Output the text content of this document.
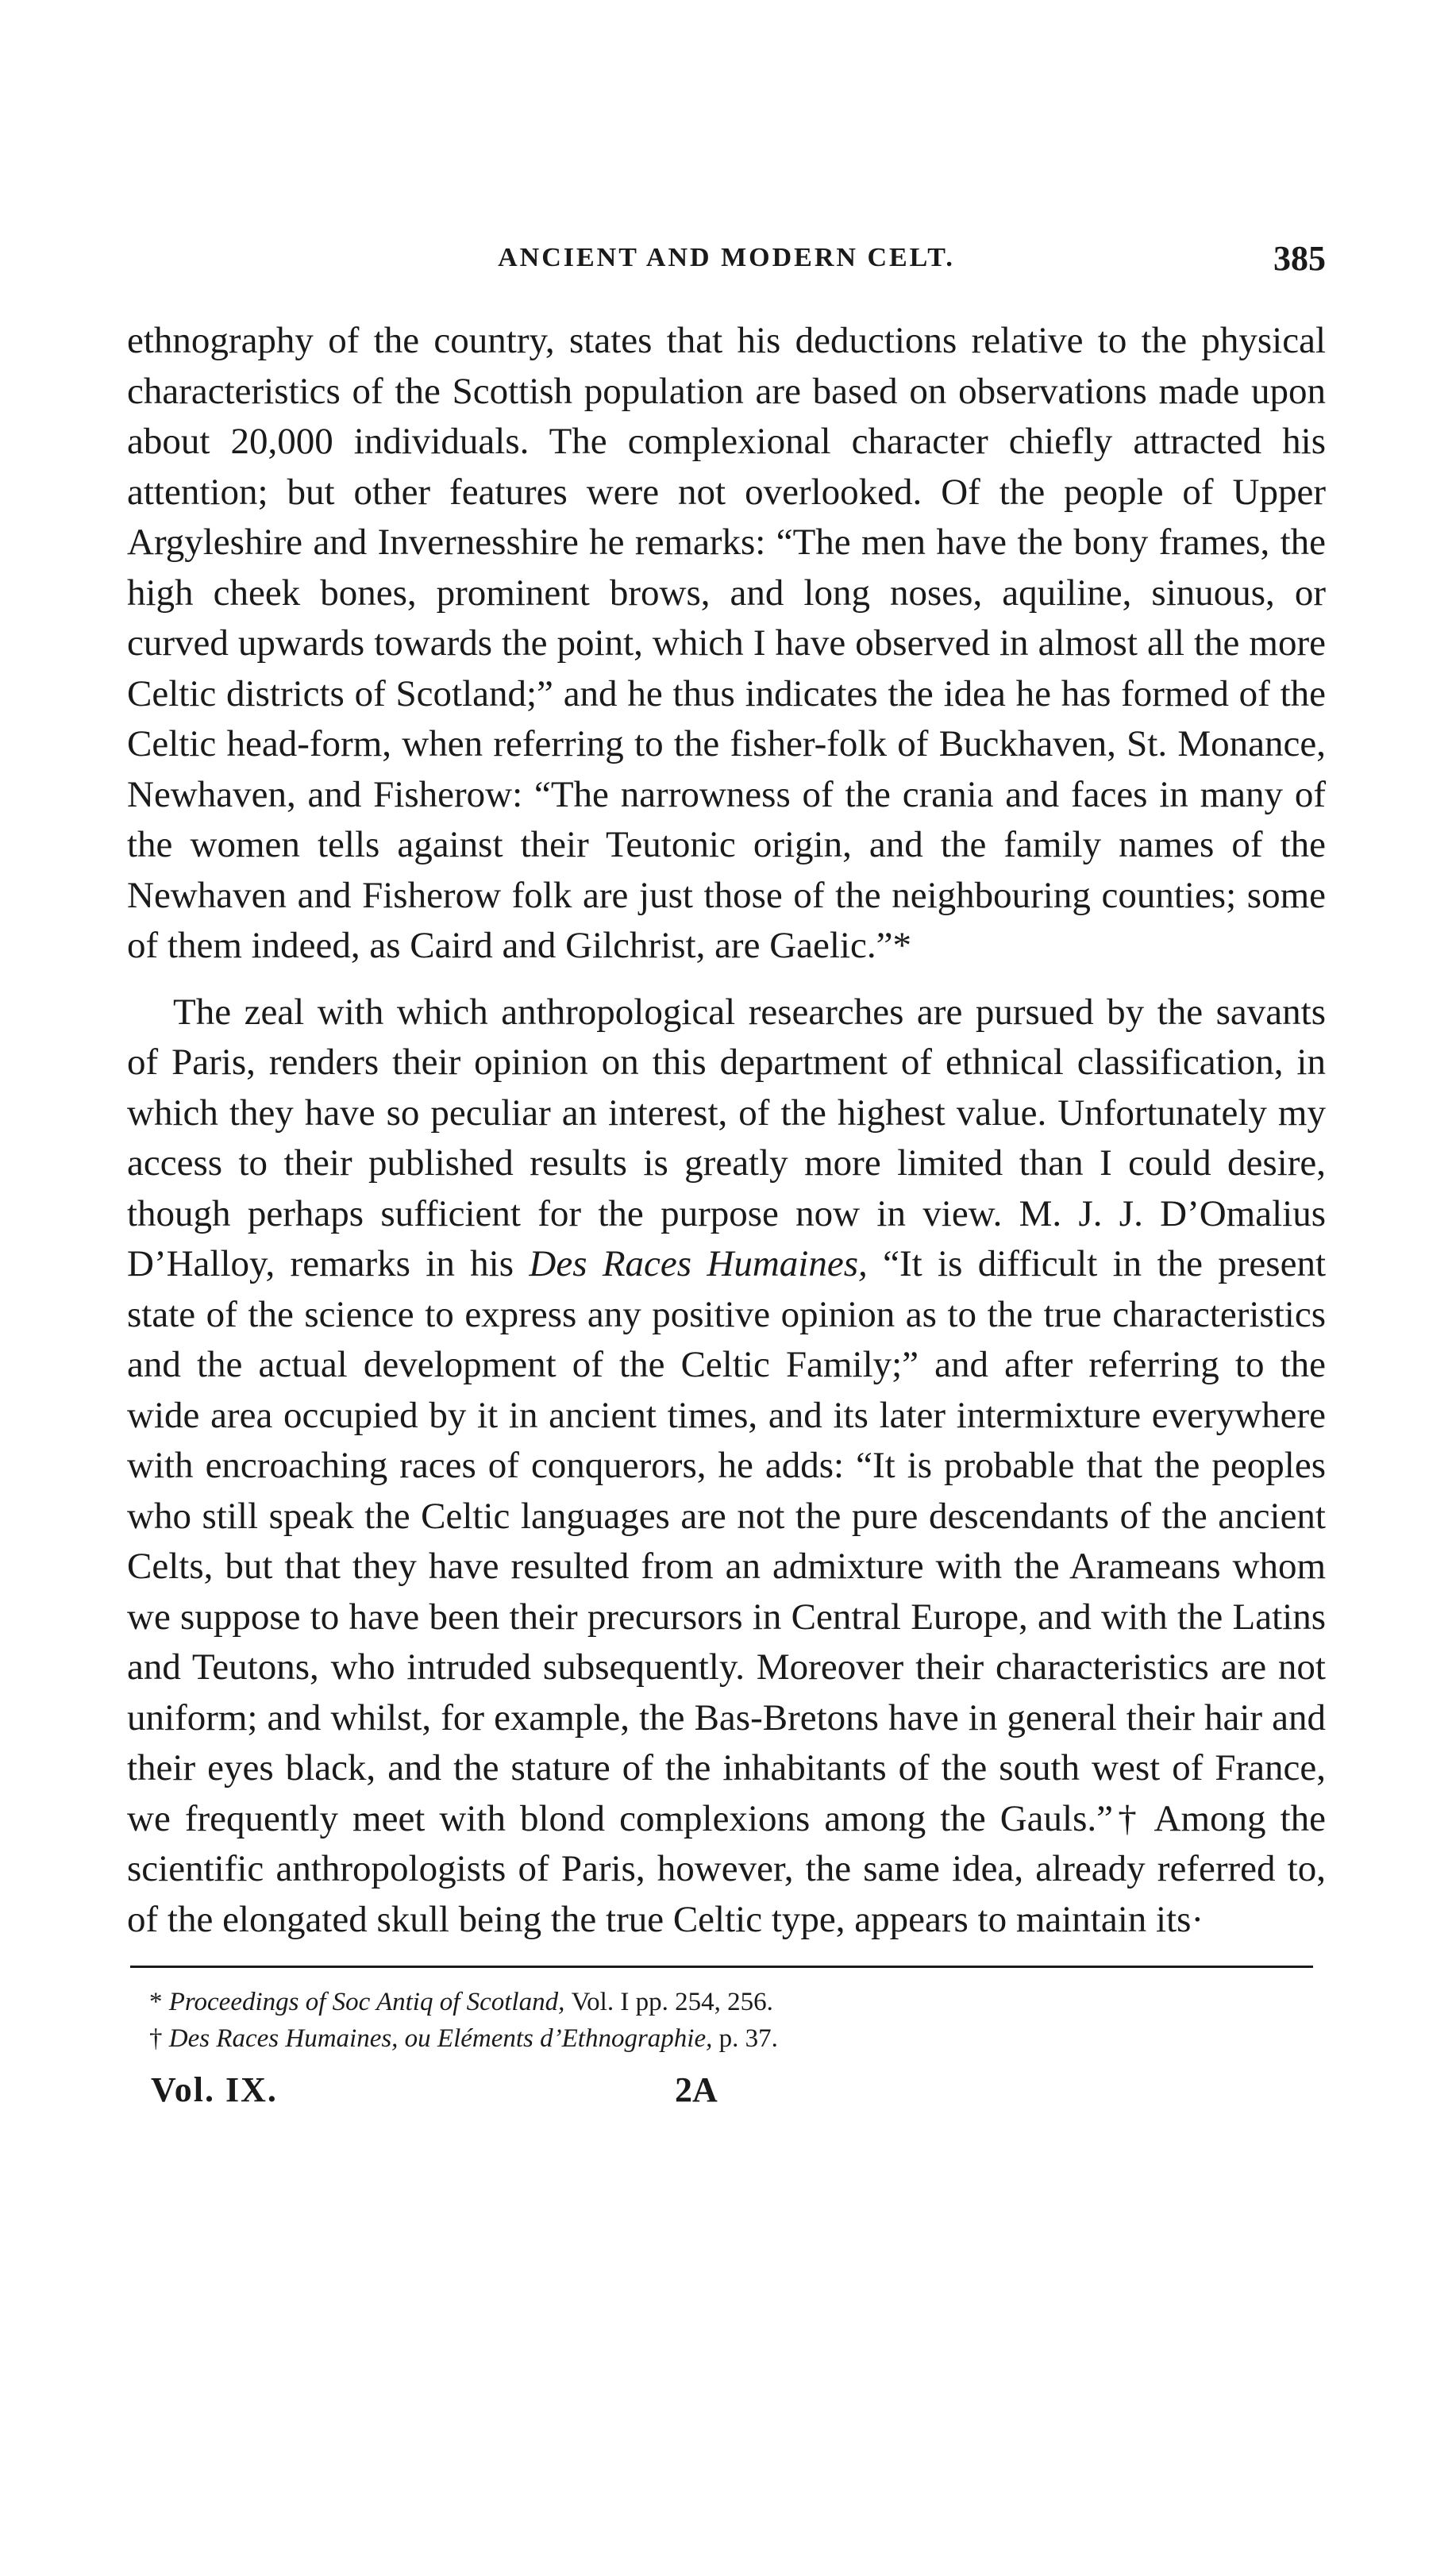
ANCIENT AND MODERN CELT.	385

ethnography of the country, states that his deductions relative to the physical characteristics of the Scottish population are based on observations made upon about 20,000 individuals. The complexional character chiefly attracted his attention; but other features were not overlooked. Of the people of Upper Argyleshire and Invernesshire he remarks: “The men have the bony frames, the high cheek bones, prominent brows, and long noses, aquiline, sinuous, or curved upwards towards the point, which I have observed in almost all the more Celtic districts of Scotland;” and he thus indicates the idea he has formed of the Celtic head-form, when referring to the fisher-folk of Buckhaven, St. Monance, Newhaven, and Fisherow: “The narrowness of the crania and faces in many of the women tells against their Teutonic origin, and the family names of the Newhaven and Fisherow folk are just those of the neighbouring counties; some of them indeed, as Caird and Gilchrist, are Gaelic.”*

The zeal with which anthropological researches are pursued by the savants of Paris, renders their opinion on this department of ethnical classification, in which they have so peculiar an interest, of the highest value. Unfortunately my access to their published results is greatly more limited than I could desire, though perhaps sufficient for the purpose now in view. M. J. J. D’Omalius D’Halloy, remarks in his Des Races Humaines, “It is difficult in the present state of the science to express any positive opinion as to the true characteristics and the actual development of the Celtic Family;” and after referring to the wide area occupied by it in ancient times, and its later intermixture everywhere with encroaching races of conquerors, he adds: “It is probable that the peoples who still speak the Celtic languages are not the pure descendants of the ancient Celts, but that they have resulted from an admixture with the Arameans whom we suppose to have been their precursors in Central Europe, and with the Latins and Teutons, who intruded subsequently. Moreover their characteristics are not uniform; and whilst, for example, the Bas-Bretons have in general their hair and their eyes black, and the stature of the inhabitants of the south west of France, we frequently meet with blond complexions among the Gauls.”† Among the scientific anthropologists of Paris, however, the same idea, already referred to, of the elongated skull being the true Celtic type, appears to maintain its·

* Proceedings of Soc Antiq of Scotland, Vol. I pp. 254, 256.
† Des Races Humaines, ou Eléments d’Ethnographie, p. 37.
Vol. IX.	2A
